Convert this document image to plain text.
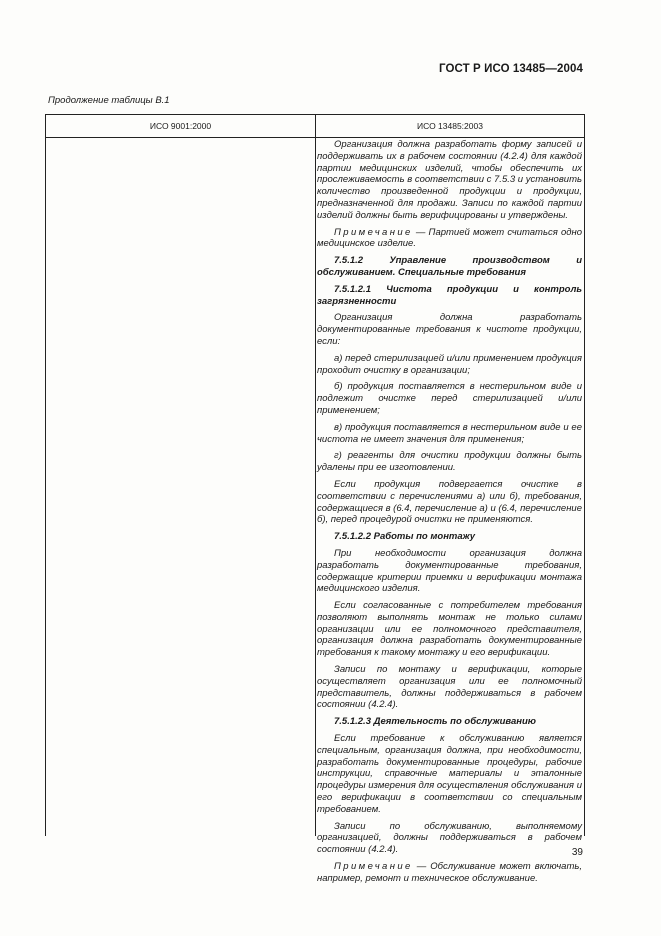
ГОСТ Р ИСО 13485—2004
Продолжение таблицы В.1
ИСО 9001:2000	ИСО 13485:2003

Организация должна разработать форму записей и поддерживать их в рабочем состоянии (4.2.4) для каждой партии медицинских изделий, чтобы обеспечить их прослеживаемость в соответствии с 7.5.3 и установить количество произведенной продукции и продукции, предназначенной для продажи. Записи по каждой партии изделий должны быть верифицированы и утверждены.

Примечание — Партией может считаться одно медицинское изделие.

7.5.1.2 Управление производством и обслуживанием. Специальные требования

7.5.1.2.1 Чистота продукции и контроль загрязненности

Организация должна разработать документированные требования к чистоте продукции, если:

а) перед стерилизацией и/или применением продукция проходит очистку в организации;

б) продукция поставляется в нестерильном виде и подлежит очистке перед стерилизацией и/или применением;

в) продукция поставляется в нестерильном виде и ее чистота не имеет значения для применения;

г) реагенты для очистки продукции должны быть удалены при ее изготовлении.

Если продукция подвергается очистке в соответствии с перечислениями а) или б), требования, содержащиеся в (6.4, перечисление а) и (6.4, перечисление б), перед процедурой очистки не применяются.

7.5.1.2.2 Работы по монтажу

При необходимости организация должна разработать документированные требования, содержащие критерии приемки и верификации монтажа медицинского изделия.

Если согласованные с потребителем требования позволяют выполнять монтаж не только силами организации или ее полномочного представителя, организация должна разработать документированные требования к такому монтажу и его верификации.

Записи по монтажу и верификации, которые осуществляет организация или ее полномочный представитель, должны поддерживаться в рабочем состоянии (4.2.4).

7.5.1.2.3 Деятельность по обслуживанию

Если требование к обслуживанию является специальным, организация должна, при необходимости, разработать документированные процедуры, рабочие инструкции, справочные материалы и эталонные процедуры измерения для осуществления обслуживания и его верификации в соответствии со специальным требованием.

Записи по обслуживанию, выполняемому организацией, должны поддерживаться в рабочем состоянии (4.2.4).

Примечание — Обслуживание может включать, например, ремонт и техническое обслуживание.

39
